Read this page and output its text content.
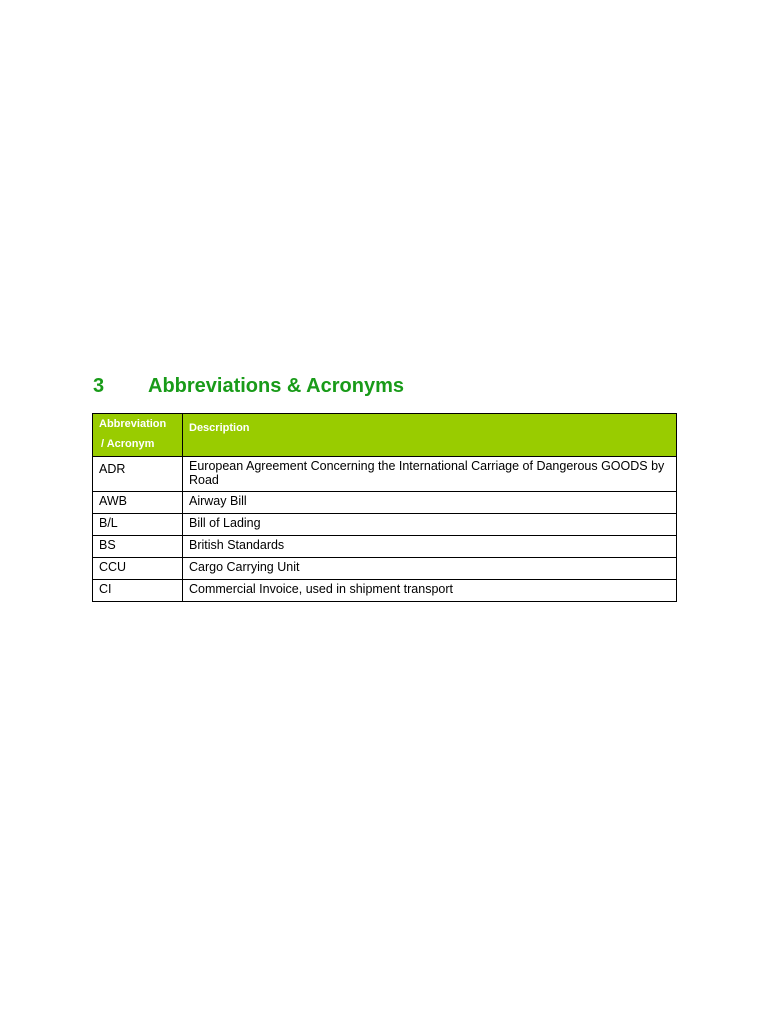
3 Abbreviations & Acronyms
Abbreviation
/ Acronym	Description
ADR	European Agreement Concerning the International Carriage of Dangerous GOODS by Road
AWB	Airway Bill
B/L	Bill of Lading
BS	British Standards
CCU	Cargo Carrying Unit
CI	Commercial Invoice, used in shipment transport
